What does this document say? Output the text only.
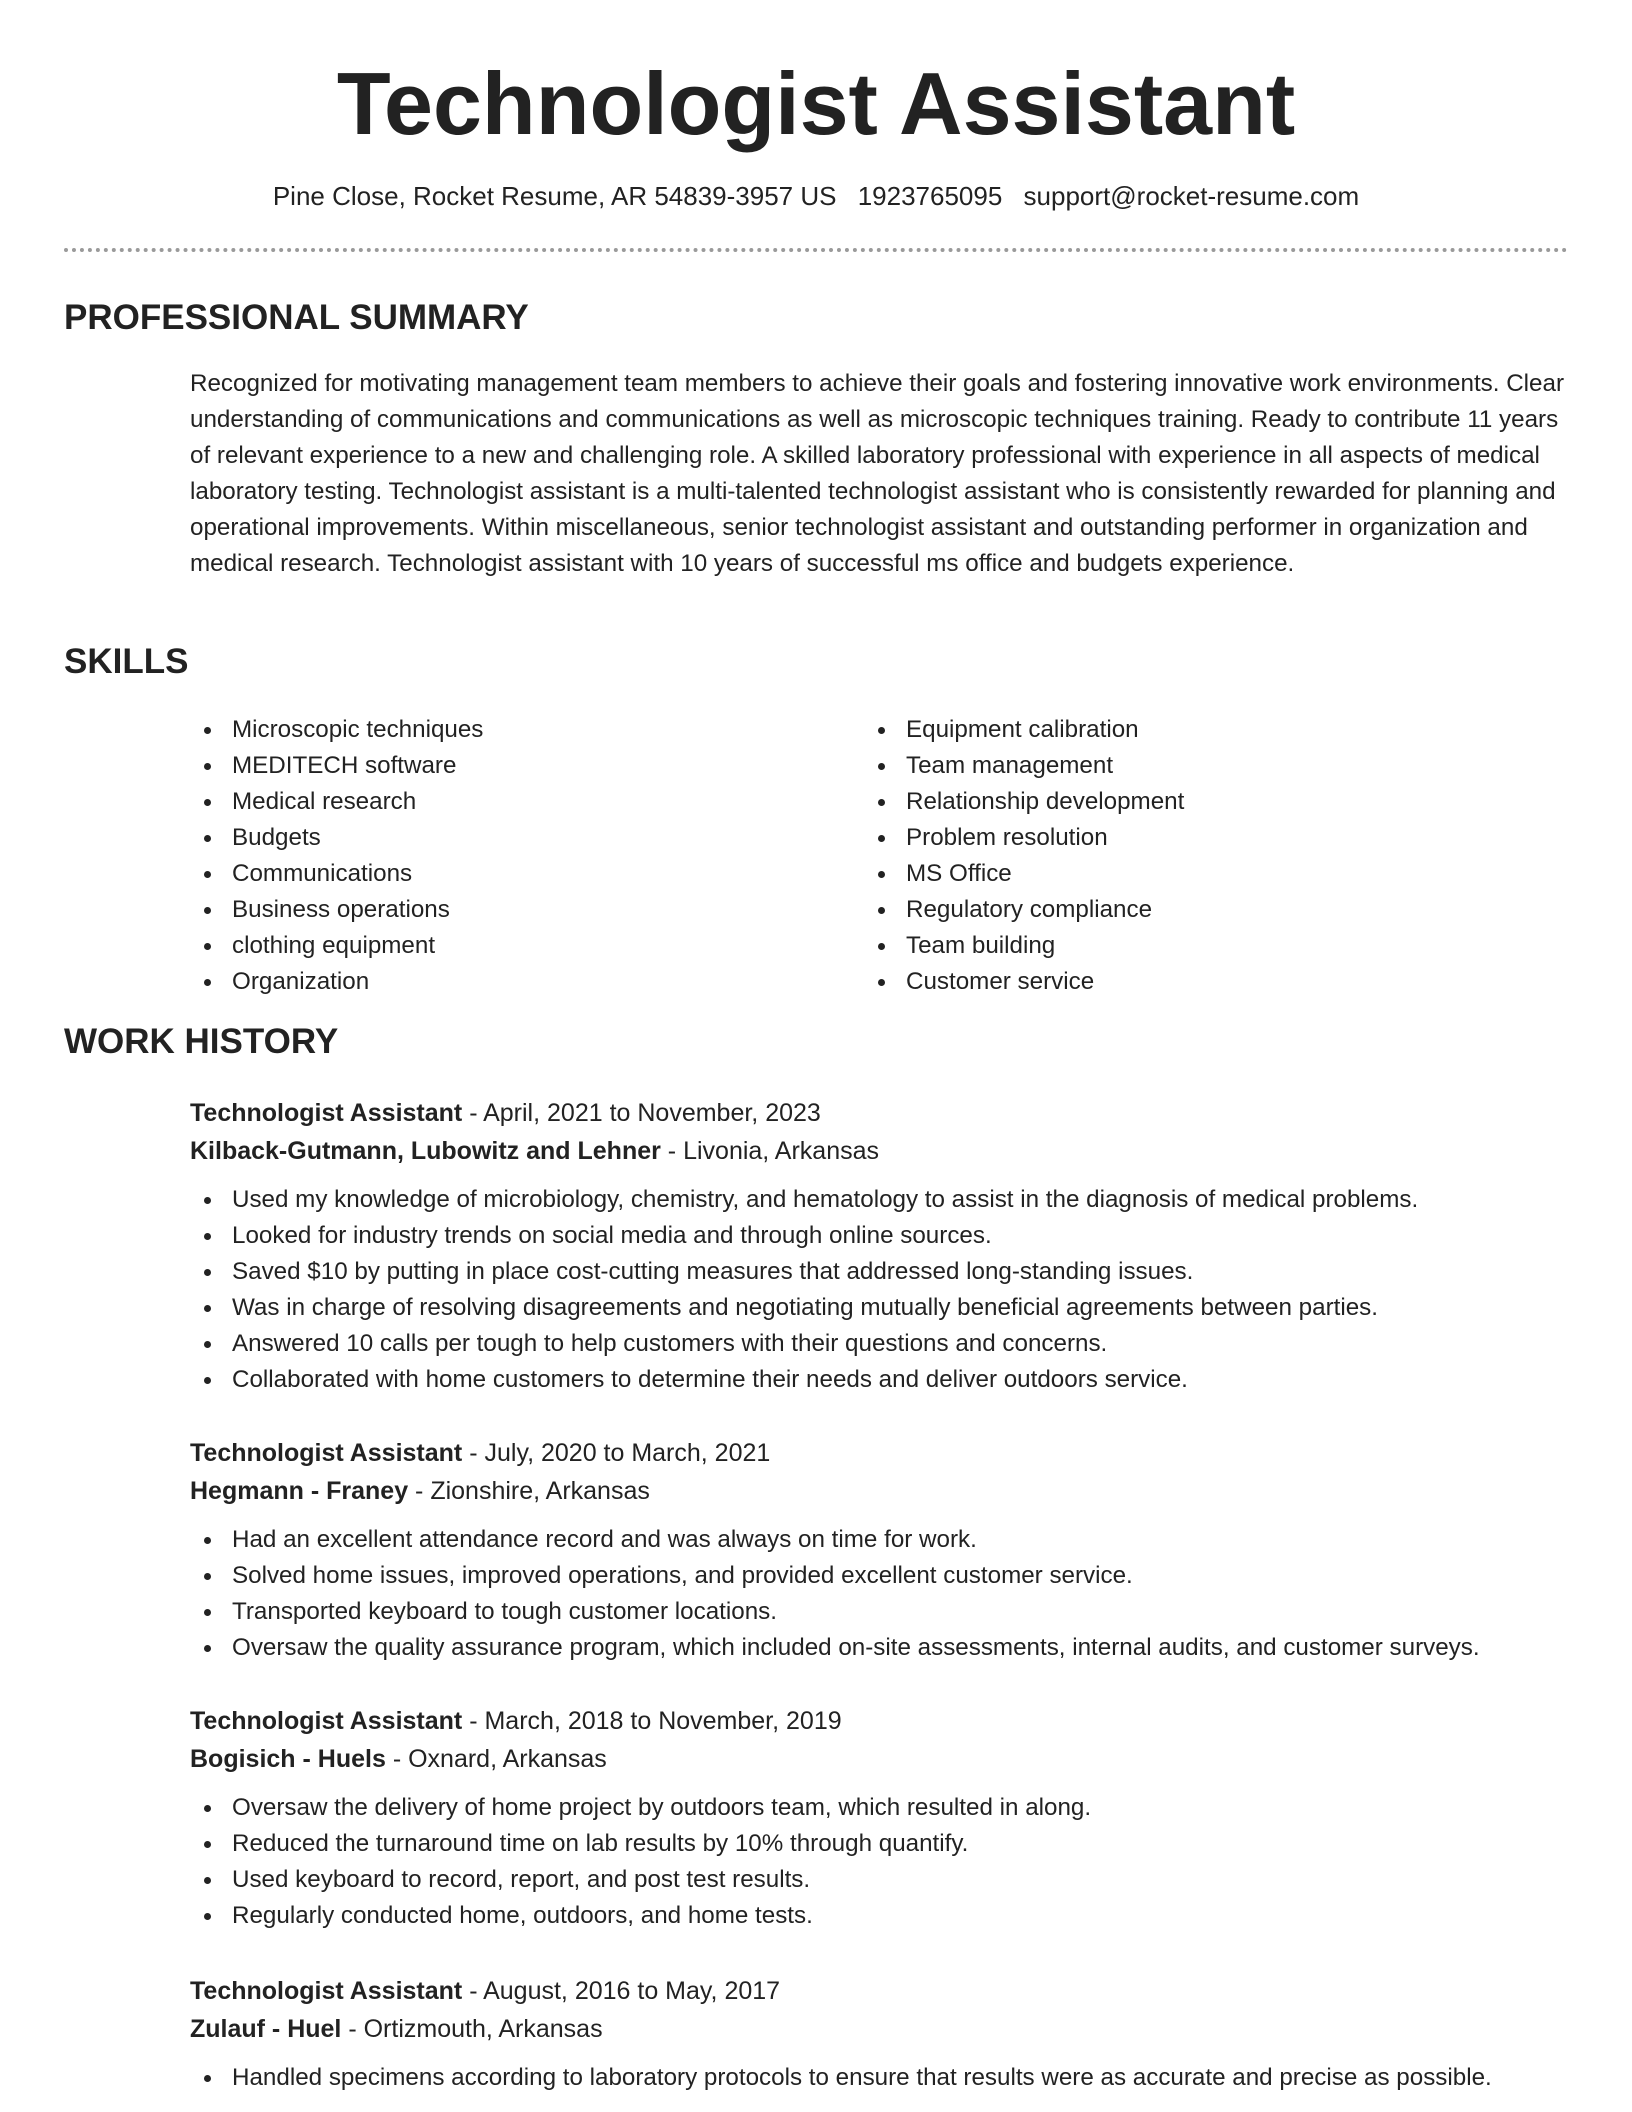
Technologist Assistant
Pine Close, Rocket Resume, AR 54839-3957 US 1923765095 support@rocket-resume.com
PROFESSIONAL SUMMARY

Recognized for motivating management team members to achieve their goals and fostering innovative work environments. Clear understanding of communications and communications as well as microscopic techniques training. Ready to contribute 11 years of relevant experience to a new and challenging role. A skilled laboratory professional with experience in all aspects of medical laboratory testing. Technologist assistant is a multi-talented technologist assistant who is consistently rewarded for planning and operational improvements. Within miscellaneous, senior technologist assistant and outstanding performer in organization and medical research. Technologist assistant with 10 years of successful ms office and budgets experience.

SKILLS
Microscopic techniques
MEDITECH software
Medical research
Budgets
Communications
Business operations
clothing equipment
Organization
Equipment calibration
Team management
Relationship development
Problem resolution
MS Office
Regulatory compliance
Team building
Customer service
WORK HISTORY
Technologist Assistant - April, 2021 to November, 2023
Kilback-Gutmann, Lubowitz and Lehner - Livonia, Arkansas
Used my knowledge of microbiology, chemistry, and hematology to assist in the diagnosis of medical problems.
Looked for industry trends on social media and through online sources.
Saved $10 by putting in place cost-cutting measures that addressed long-standing issues.
Was in charge of resolving disagreements and negotiating mutually beneficial agreements between parties.
Answered 10 calls per tough to help customers with their questions and concerns.
Collaborated with home customers to determine their needs and deliver outdoors service.
Technologist Assistant - July, 2020 to March, 2021
Hegmann - Franey - Zionshire, Arkansas
Had an excellent attendance record and was always on time for work.
Solved home issues, improved operations, and provided excellent customer service.
Transported keyboard to tough customer locations.
Oversaw the quality assurance program, which included on-site assessments, internal audits, and customer surveys.
Technologist Assistant - March, 2018 to November, 2019
Bogisich - Huels - Oxnard, Arkansas
Oversaw the delivery of home project by outdoors team, which resulted in along.
Reduced the turnaround time on lab results by 10% through quantify.
Used keyboard to record, report, and post test results.
Regularly conducted home, outdoors, and home tests.
Technologist Assistant - August, 2016 to May, 2017
Zulauf - Huel - Ortizmouth, Arkansas
Handled specimens according to laboratory protocols to ensure that results were as accurate and precise as possible.
